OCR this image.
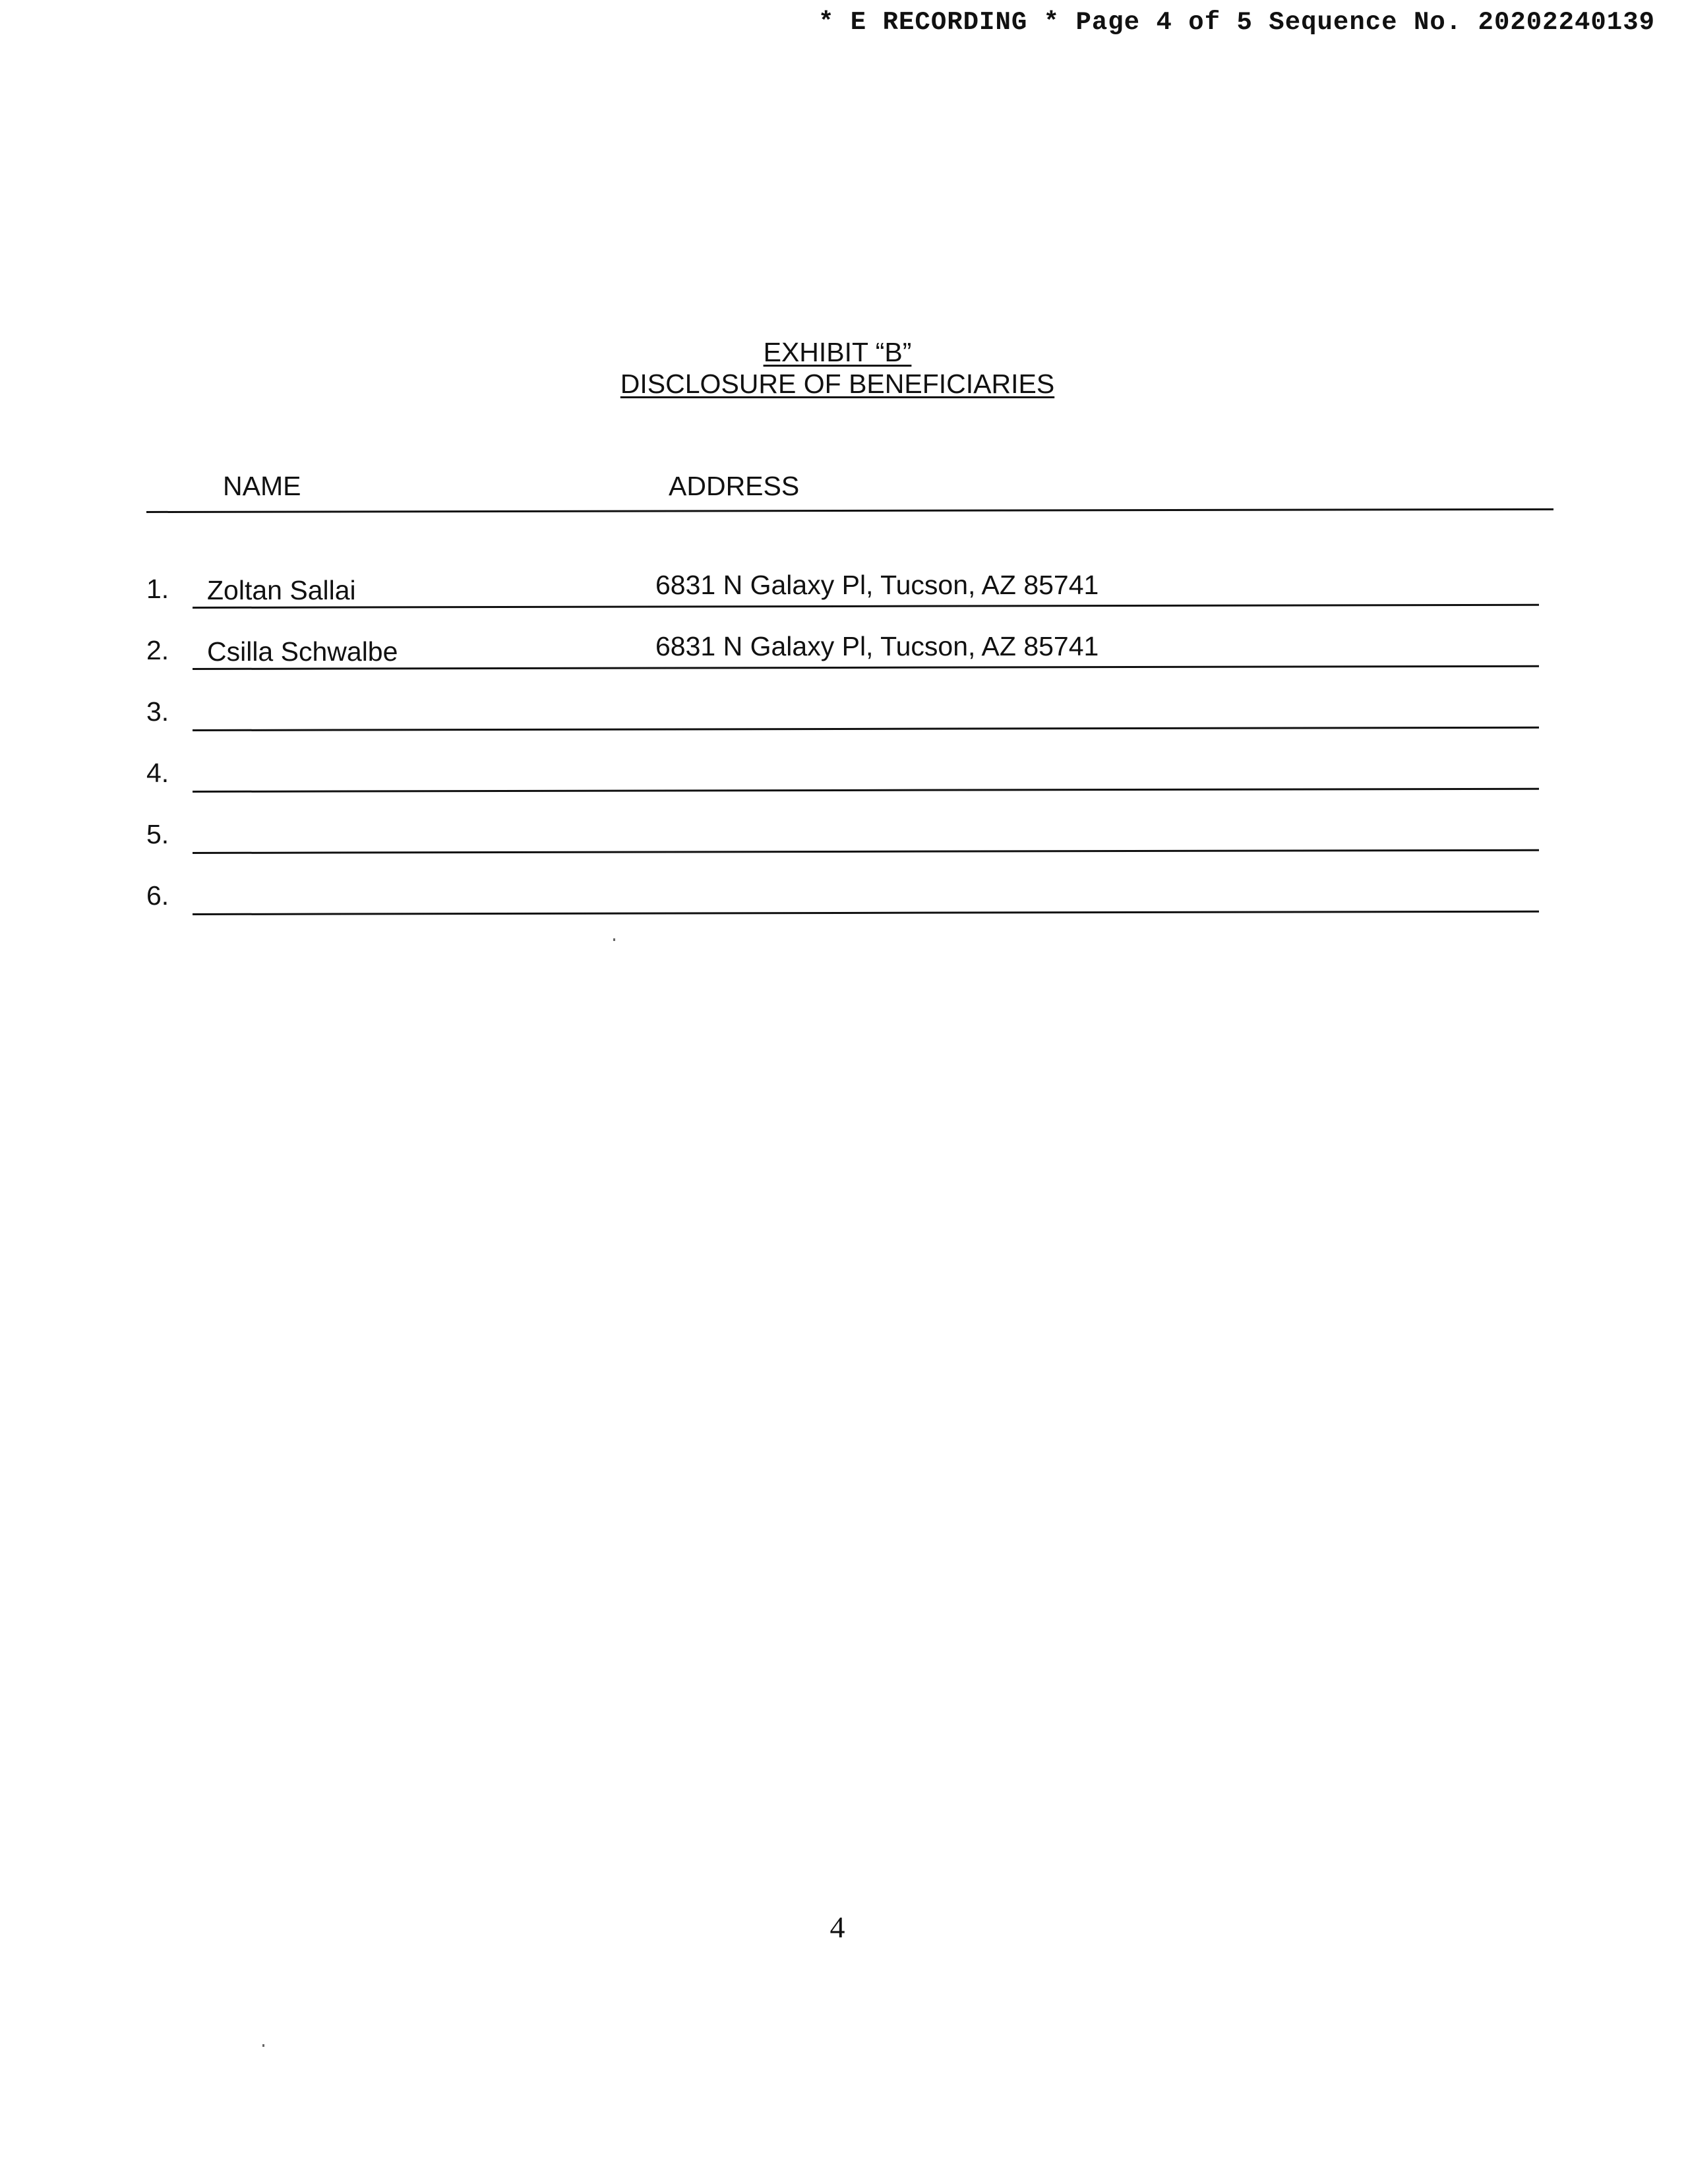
* E RECORDING * Page 4 of 5 Sequence No. 20202240139
EXHIBIT “B”
DISCLOSURE OF BENEFICIARIES
NAME	ADDRESS
1. Zoltan Sallai	6831 N Galaxy Pl, Tucson, AZ 85741
2. Csilla Schwalbe	6831 N Galaxy Pl, Tucson, AZ 85741
3.
4.
5.
6.
4
